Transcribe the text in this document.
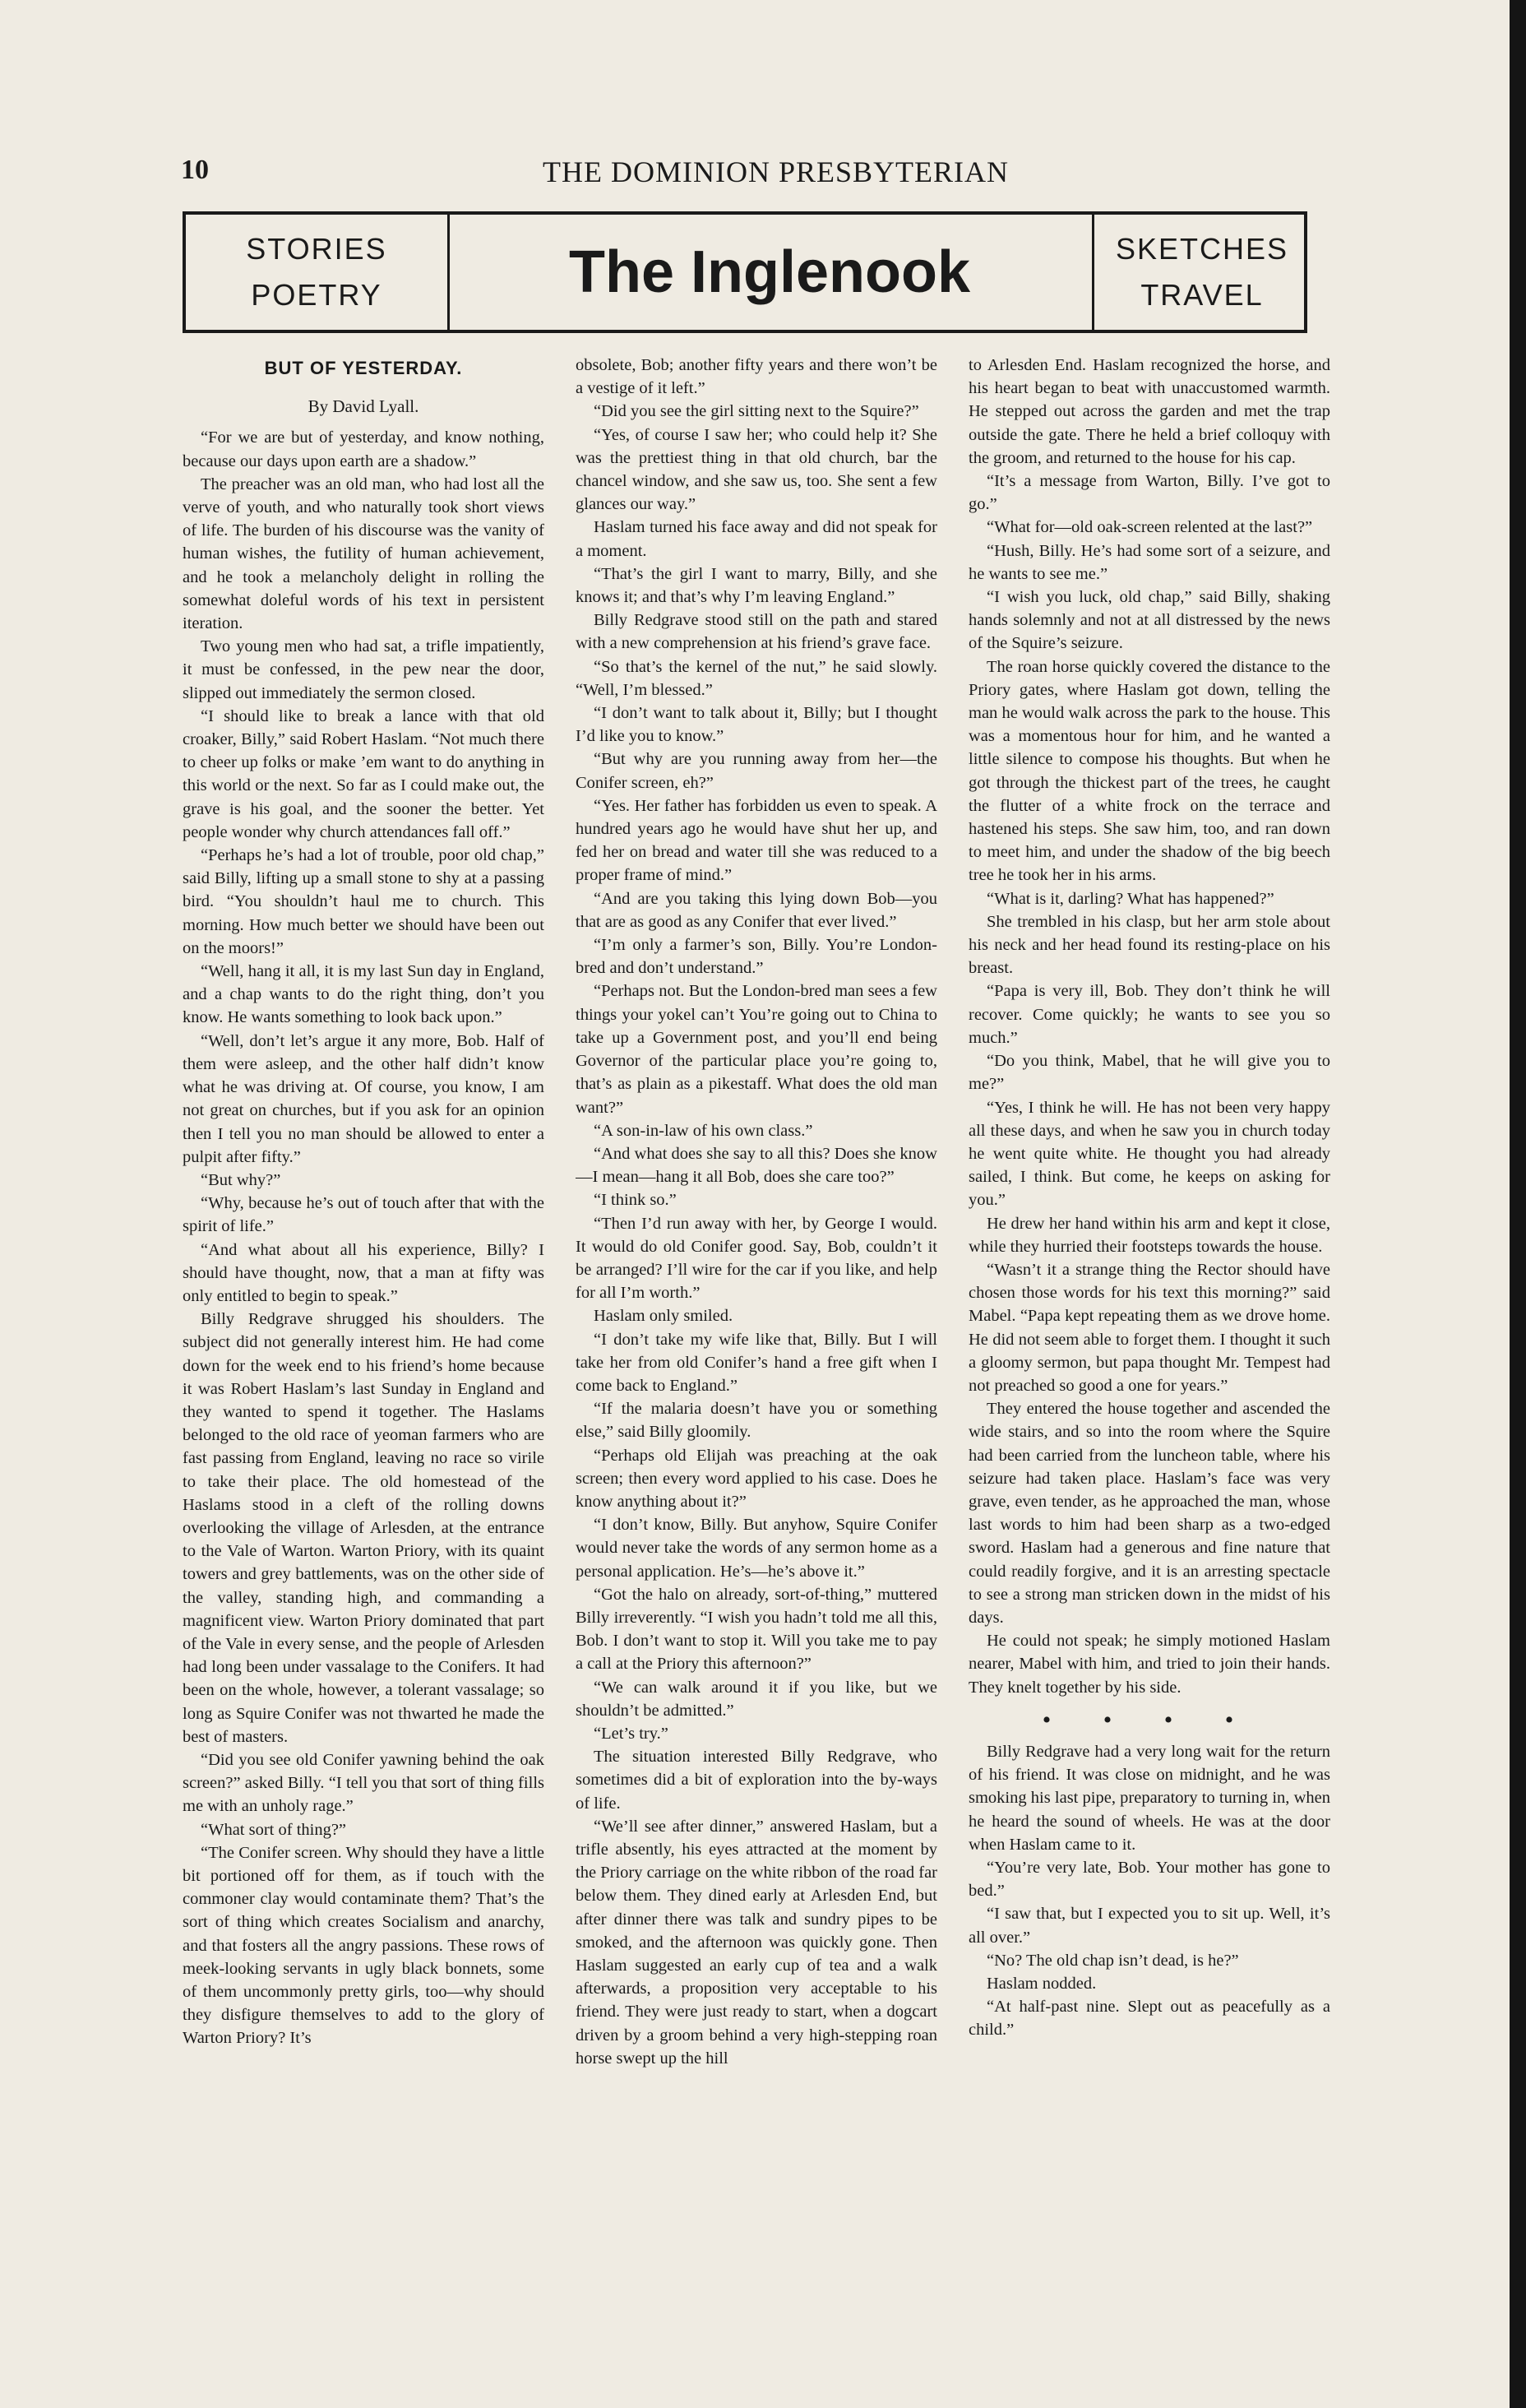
10	THE DOMINION PRESBYTERIAN
STORIES
POETRY	The Inglenook	SKETCHES
TRAVEL
BUT OF YESTERDAY.
By David Lyall.

“For we are but of yesterday, and know nothing, because our days upon earth are a shadow.”

The preacher was an old man, who had lost all the verve of youth, and who naturally took short views of life. The burden of his discourse was the vanity of human wishes, the futility of human achievement, and he took a melancholy delight in rolling the somewhat doleful words of his text in persistent iteration.

Two young men who had sat, a trifle impatiently, it must be confessed, in the pew near the door, slipped out immediately the sermon closed.

“I should like to break a lance with that old croaker, Billy,” said Robert Haslam. “Not much there to cheer up folks or make ’em want to do anything in this world or the next. So far as I could make out, the grave is his goal, and the sooner the better. Yet people wonder why church attendances fall off.”

“Perhaps he’s had a lot of trouble, poor old chap,” said Billy, lifting up a small stone to shy at a passing bird. “You shouldn’t haul me to church. This morning. How much better we should have been out on the moors!”

“Well, hang it all, it is my last Sun day in England, and a chap wants to do the right thing, don’t you know. He wants something to look back upon.”

“Well, don’t let’s argue it any more, Bob. Half of them were asleep, and the other half didn’t know what he was driving at. Of course, you know, I am not great on churches, but if you ask for an opinion then I tell you no man should be allowed to enter a pulpit after fifty.”

“But why?”

“Why, because he’s out of touch after that with the spirit of life.”

“And what about all his experience, Billy? I should have thought, now, that a man at fifty was only entitled to begin to speak.”

Billy Redgrave shrugged his shoulders. The subject did not generally interest him. He had come down for the week end to his friend’s home because it was Robert Haslam’s last Sunday in England and they wanted to spend it together. The Haslams belonged to the old race of yeoman farmers who are fast passing from England, leaving no race so virile to take their place. The old homestead of the Haslams stood in a cleft of the rolling downs overlooking the village of Arlesden, at the entrance to the Vale of Warton. Warton Priory, with its quaint towers and grey battlements, was on the other side of the valley, standing high, and commanding a magnificent view. Warton Priory dominated that part of the Vale in every sense, and the people of Arlesden had long been under vassalage to the Conifers. It had been on the whole, however, a tolerant vassalage; so long as Squire Conifer was not thwarted he made the best of masters.

“Did you see old Conifer yawning behind the oak screen?” asked Billy. “I tell you that sort of thing fills me with an unholy rage.”

“What sort of thing?”

“The Conifer screen. Why should they have a little bit portioned off for them, as if touch with the commoner clay would contaminate them? That’s the sort of thing which creates Socialism and anarchy, and that fosters all the angry passions. These rows of meek-looking servants in ugly black bonnets, some of them uncommonly pretty girls, too—why should they disfigure themselves to add to the glory of Warton Priory? It’s

obsolete, Bob; another fifty years and there won’t be a vestige of it left.”

“Did you see the girl sitting next to the Squire?”

“Yes, of course I saw her; who could help it? She was the prettiest thing in that old church, bar the chancel window, and she saw us, too. She sent a few glances our way.”

Haslam turned his face away and did not speak for a moment.

“That’s the girl I want to marry, Billy, and she knows it; and that’s why I’m leaving England.”

Billy Redgrave stood still on the path and stared with a new comprehension at his friend’s grave face.

“So that’s the kernel of the nut,” he said slowly. “Well, I’m blessed.”

“I don’t want to talk about it, Billy; but I thought I’d like you to know.”

“But why are you running away from her—the Conifer screen, eh?”

“Yes. Her father has forbidden us even to speak. A hundred years ago he would have shut her up, and fed her on bread and water till she was reduced to a proper frame of mind.”

“And are you taking this lying down Bob—you that are as good as any Conifer that ever lived.”

“I’m only a farmer’s son, Billy. You’re London-bred and don’t understand.”

“Perhaps not. But the London-bred man sees a few things your yokel can’t You’re going out to China to take up a Government post, and you’ll end being Governor of the particular place you’re going to, that’s as plain as a pikestaff. What does the old man want?”

“A son-in-law of his own class.”

“And what does she say to all this? Does she know—I mean—hang it all Bob, does she care too?”

“I think so.”

“Then I’d run away with her, by George I would. It would do old Conifer good. Say, Bob, couldn’t it be arranged? I’ll wire for the car if you like, and help for all I’m worth.”

Haslam only smiled.

“I don’t take my wife like that, Billy. But I will take her from old Conifer’s hand a free gift when I come back to England.”

“If the malaria doesn’t have you or something else,” said Billy gloomily.

“Perhaps old Elijah was preaching at the oak screen; then every word applied to his case. Does he know anything about it?”

“I don’t know, Billy. But anyhow, Squire Conifer would never take the words of any sermon home as a personal application. He’s—he’s above it.”

“Got the halo on already, sort-of-thing,” muttered Billy irreverently. “I wish you hadn’t told me all this, Bob. I don’t want to stop it. Will you take me to pay a call at the Priory this afternoon?”

“We can walk around it if you like, but we shouldn’t be admitted.”

“Let’s try.”

The situation interested Billy Redgrave, who sometimes did a bit of exploration into the by-ways of life.

“We’ll see after dinner,” answered Haslam, but a trifle absently, his eyes attracted at the moment by the Priory carriage on the white ribbon of the road far below them. They dined early at Arlesden End, but after dinner there was talk and sundry pipes to be smoked, and the afternoon was quickly gone. Then Haslam suggested an early cup of tea and a walk afterwards, a proposition very acceptable to his friend. They were just ready to start, when a dogcart driven by a groom behind a very high-stepping roan horse swept up the hill

to Arlesden End. Haslam recognized the horse, and his heart began to beat with unaccustomed warmth. He stepped out across the garden and met the trap outside the gate. There he held a brief colloquy with the groom, and returned to the house for his cap.

“It’s a message from Warton, Billy. I’ve got to go.”

“What for—old oak-screen relented at the last?”

“Hush, Billy. He’s had some sort of a seizure, and he wants to see me.”

“I wish you luck, old chap,” said Billy, shaking hands solemnly and not at all distressed by the news of the Squire’s seizure.

The roan horse quickly covered the distance to the Priory gates, where Haslam got down, telling the man he would walk across the park to the house. This was a momentous hour for him, and he wanted a little silence to compose his thoughts. But when he got through the thickest part of the trees, he caught the flutter of a white frock on the terrace and hastened his steps. She saw him, too, and ran down to meet him, and under the shadow of the big beech tree he took her in his arms.

“What is it, darling? What has happened?”

She trembled in his clasp, but her arm stole about his neck and her head found its resting-place on his breast.

“Papa is very ill, Bob. They don’t think he will recover. Come quickly; he wants to see you so much.”

“Do you think, Mabel, that he will give you to me?”

“Yes, I think he will. He has not been very happy all these days, and when he saw you in church today he went quite white. He thought you had already sailed, I think. But come, he keeps on asking for you.”

He drew her hand within his arm and kept it close, while they hurried their footsteps towards the house.

“Wasn’t it a strange thing the Rector should have chosen those words for his text this morning?” said Mabel. “Papa kept repeating them as we drove home. He did not seem able to forget them. I thought it such a gloomy sermon, but papa thought Mr. Tempest had not preached so good a one for years.”

They entered the house together and ascended the wide stairs, and so into the room where the Squire had been carried from the luncheon table, where his seizure had taken place. Haslam’s face was very grave, even tender, as he approached the man, whose last words to him had been sharp as a two-edged sword. Haslam had a generous and fine nature that could readily forgive, and it is an arresting spectacle to see a strong man stricken down in the midst of his days.

He could not speak; he simply motioned Haslam nearer, Mabel with him, and tried to join their hands. They knelt together by his side.

• • • •

Billy Redgrave had a very long wait for the return of his friend. It was close on midnight, and he was smoking his last pipe, preparatory to turning in, when he heard the sound of wheels. He was at the door when Haslam came to it.

“You’re very late, Bob. Your mother has gone to bed.”

“I saw that, but I expected you to sit up. Well, it’s all over.”

“No? The old chap isn’t dead, is he?”

Haslam nodded.

“At half-past nine. Slept out as peacefully as a child.”
